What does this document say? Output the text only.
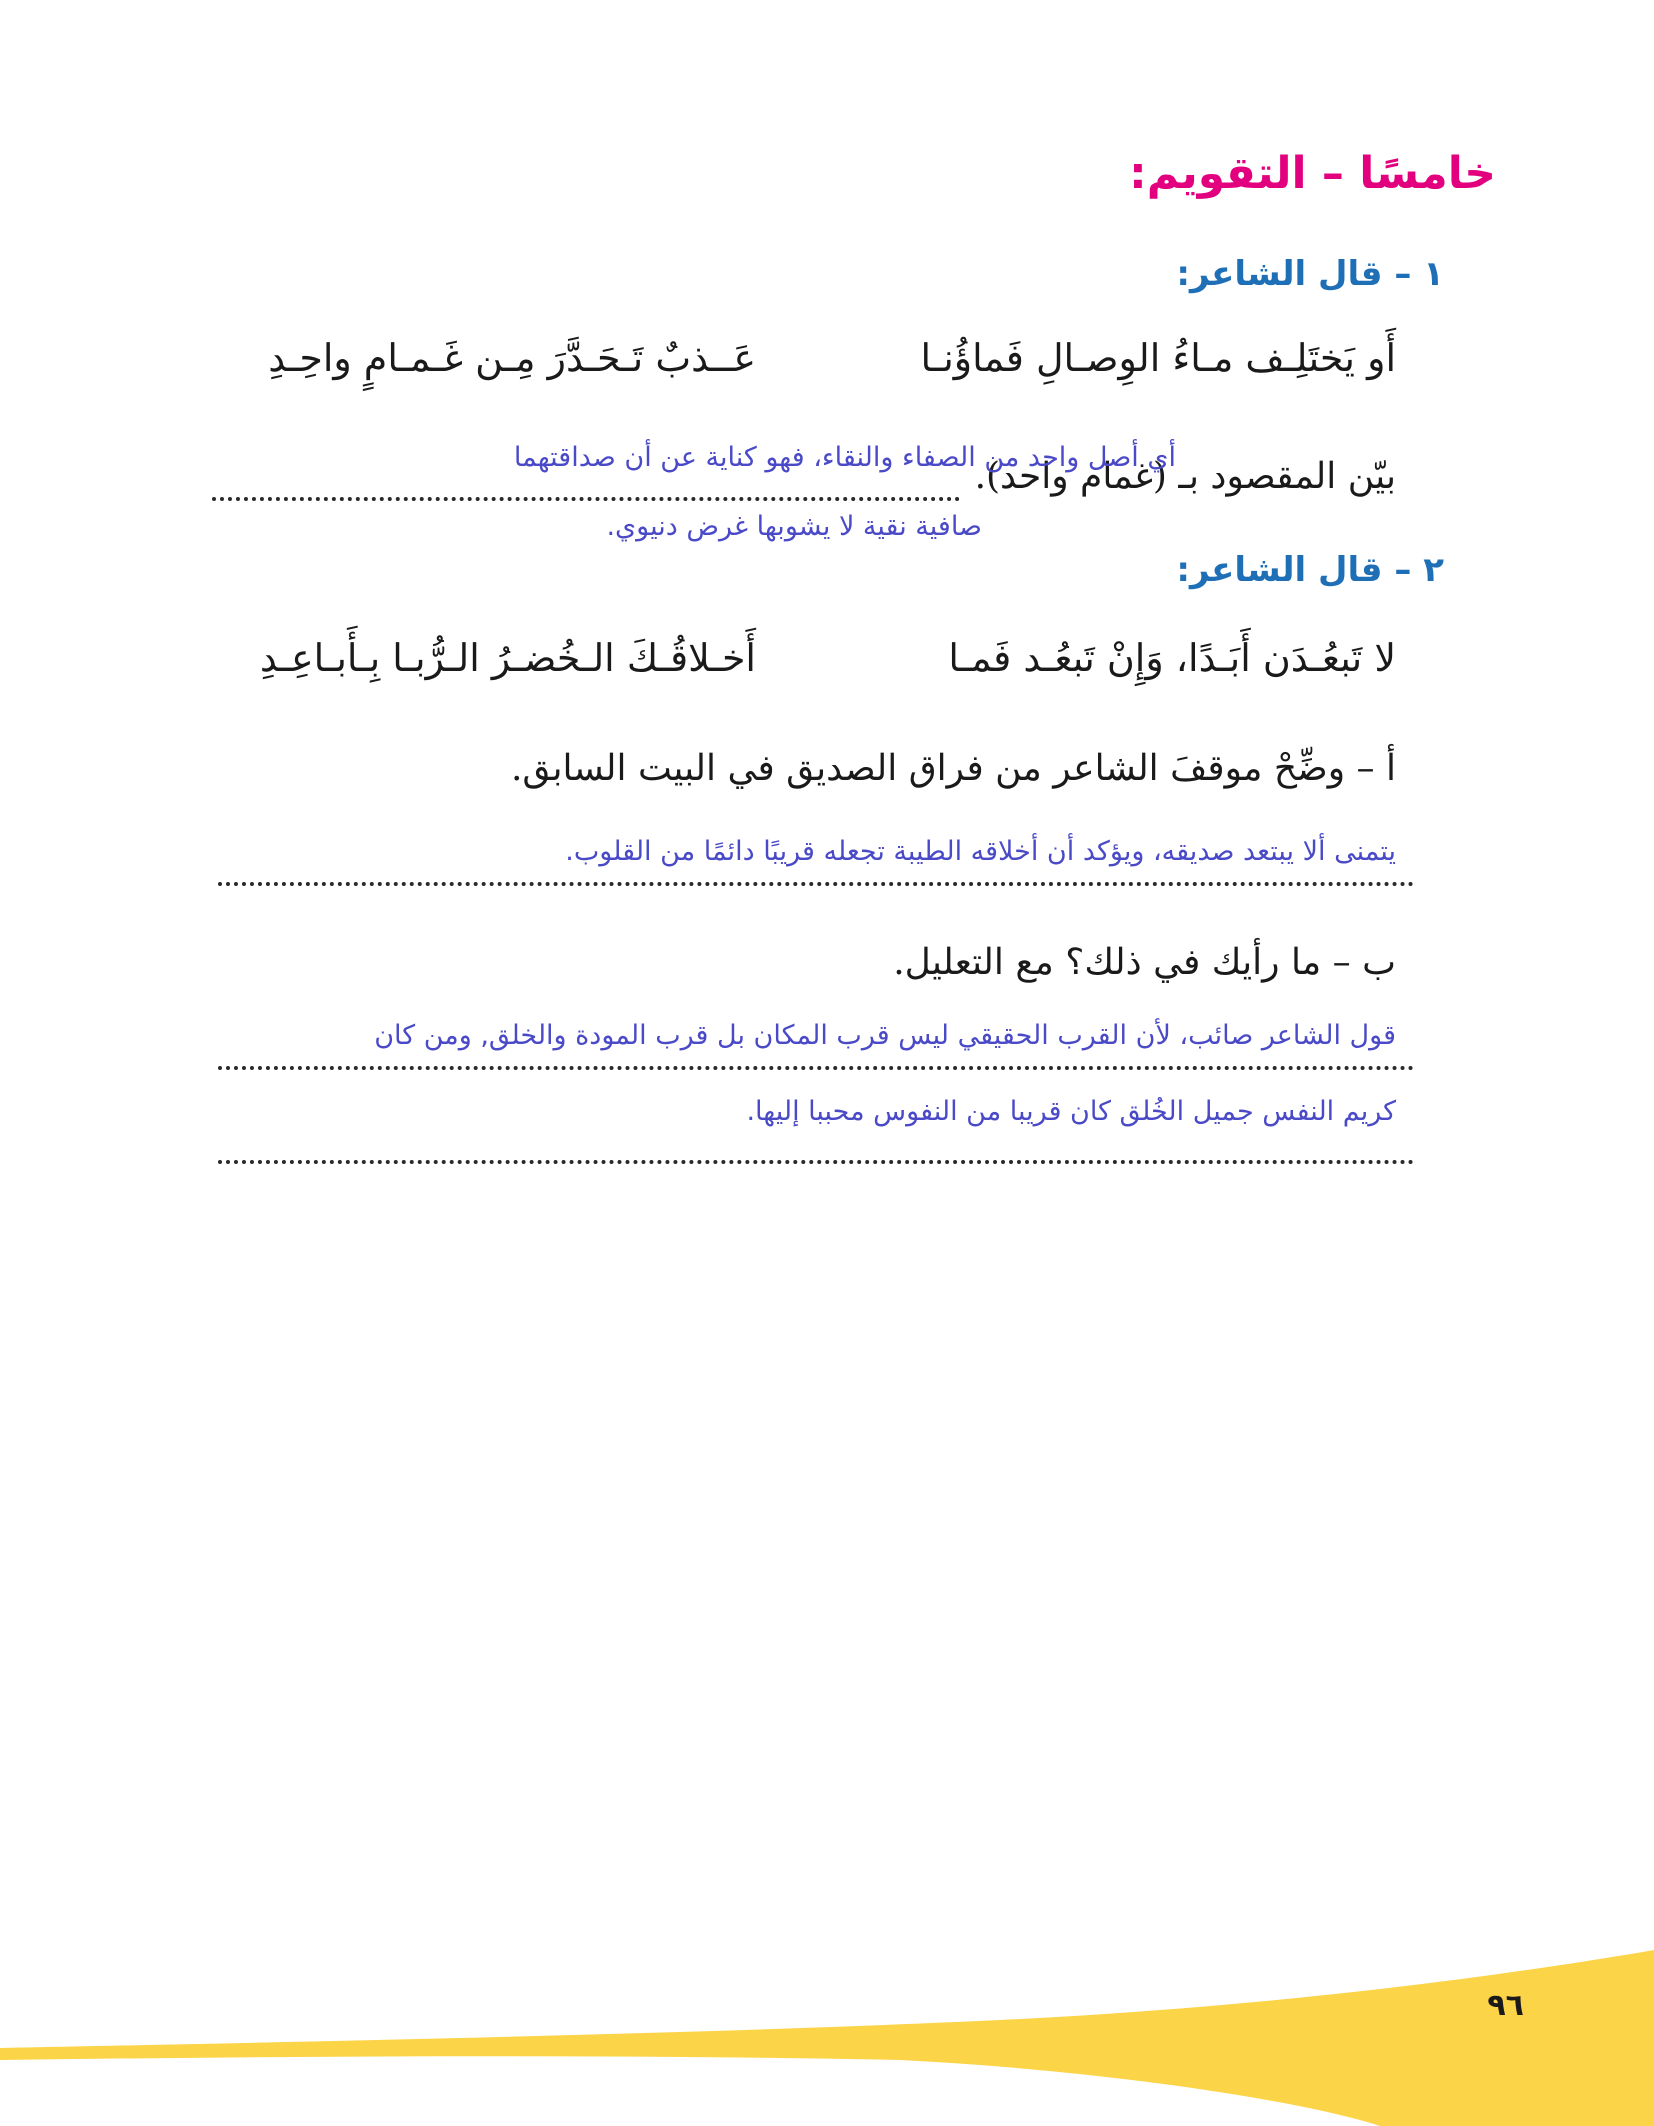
خامسًا – التقويم:
١ – قال الشاعر:
أَو يَختَلِـف مـاءُ الوِصـالِ فَماؤُنـا
عَــذبٌ تَـحَـدَّرَ مِـن غَـمـامٍ واحِـدِ
بيّن المقصود بـ (غمام واحد).
أي أصل واحد من الصفاء والنقاء، فهو كناية عن أن صداقتهما
صافية نقية لا يشوبها غرض دنيوي.
٢ – قال الشاعر:
لا تَبعُـدَن أَبَـدًا، وَإِنْ تَبعُـد فَمـا
أَخـلاقُـكَ الـخُضـرُ الـرُّبـا بِـأَبـاعِـدِ
أ – وضِّحْ موقفَ الشاعر من فراق الصديق في البيت السابق.
يتمنى ألا يبتعد صديقه، ويؤكد أن أخلاقه الطيبة تجعله قريبًا دائمًا من القلوب.
ب – ما رأيك في ذلك؟ مع التعليل.
قول الشاعر صائب، لأن القرب الحقيقي ليس قرب المكان بل قرب المودة والخلق, ومن كان
كريم النفس جميل الخُلق كان قريبا من النفوس محببا إليها.
٩٦
